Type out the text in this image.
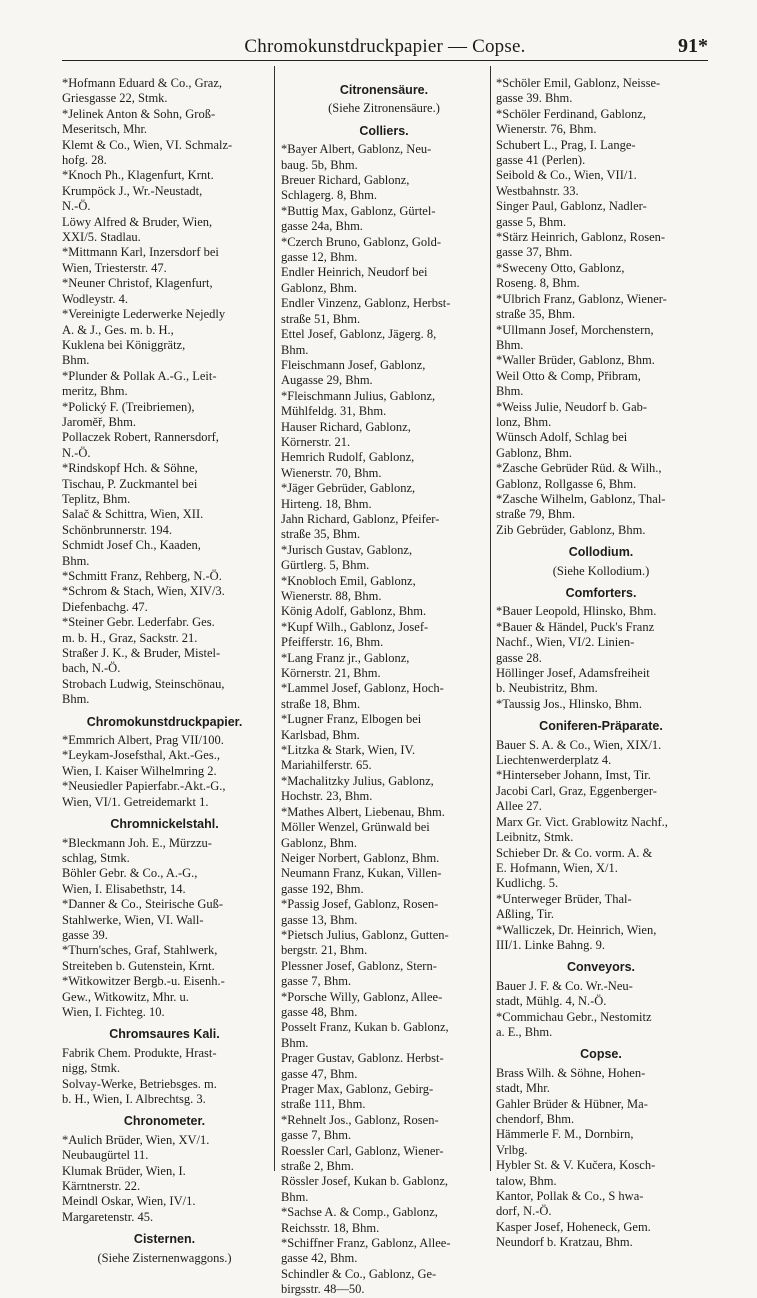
Chromokunstdruckpapier — Copse.	91*
*Hofmann Eduard & Co., Graz,
Griesgasse 22, Stmk.
*Jelinek Anton & Sohn, Groß-
Meseritsch, Mhr.
Klemt & Co., Wien, VI. Schmalz-
hofg. 28.
*Knoch Ph., Klagenfurt, Krnt.
Krumpöck J., Wr.-Neustadt,
N.-Ö.
Löwy Alfred & Bruder, Wien,
XXI/5. Stadlau.
*Mittmann Karl, Inzersdorf bei
Wien, Triesterstr. 47.
*Neuner Christof, Klagenfurt,
Wodleystr. 4.
*Vereinigte Lederwerke Nejedly
A. & J., Ges. m. b. H.,
Kuklena bei Königgrätz,
Bhm.
*Plunder & Pollak A.-G., Leit-
meritz, Bhm.
*Polický F. (Treibriemen),
Jaroměř, Bhm.
Pollaczek Robert, Rannersdorf,
N.-Ö.
*Rindskopf Hch. & Söhne,
Tischau, P. Zuckmantel bei
Teplitz, Bhm.
Salač & Schittra, Wien, XII.
Schönbrunnerstr. 194.
Schmidt Josef Ch., Kaaden,
Bhm.
*Schmitt Franz, Rehberg, N.-Ö.
*Schrom & Stach, Wien, XIV/3.
Diefenbachg. 47.
*Steiner Gebr. Lederfabr. Ges.
m. b. H., Graz, Sackstr. 21.
Straßer J. K., & Bruder, Mistel-
bach, N.-Ö.
Strobach Ludwig, Steinschönau,
Bhm.
Chromokunstdruckpapier.
*Emmrich Albert, Prag VII/100.
*Leykam-Josefsthal, Akt.-Ges.,
Wien, I. Kaiser Wilhelmring 2.
*Neusiedler Papierfabr.-Akt.-G.,
Wien, VI/1. Getreidemarkt 1.
Chromnickelstahl.
*Bleckmann Joh. E., Mürzzu-
schlag, Stmk.
Böhler Gebr. & Co., A.-G.,
Wien, I. Elisabethstr, 14.
*Danner & Co., Steirische Guß-
Stahlwerke, Wien, VI. Wall-
gasse 39.
*Thurn'sches, Graf, Stahlwerk,
Streiteben b. Gutenstein, Krnt.
*Witkowitzer Bergb.-u. Eisenh.-
Gew., Witkowitz, Mhr. u.
Wien, I. Fichteg. 10.
Chromsaures Kali.
Fabrik Chem. Produkte, Hrast-
nigg, Stmk.
Solvay-Werke, Betriebsges. m.
b. H., Wien, I. Albrechtsg. 3.
Chronometer.
*Aulich Brüder, Wien, XV/1.
Neubaugürtel 11.
Klumak Brüder, Wien, I.
Kärntnerstr. 22.
Meindl Oskar, Wien, IV/1.
Margaretenstr. 45.
Cisternen.
(Siehe Zisternenwaggons.)
Citronensäure.
(Siehe Zitronensäure.)
Colliers.
*Bayer Albert, Gablonz, Neu-
baug. 5b, Bhm.
Breuer Richard, Gablonz,
Schlagerg. 8, Bhm.
*Buttig Max, Gablonz, Gürtel-
gasse 24a, Bhm.
*Czerch Bruno, Gablonz, Gold-
gasse 12, Bhm.
Endler Heinrich, Neudorf bei
Gablonz, Bhm.
Endler Vinzenz, Gablonz, Herbst-
straße 51, Bhm.
Ettel Josef, Gablonz, Jägerg. 8,
Bhm.
Fleischmann Josef, Gablonz,
Augasse 29, Bhm.
*Fleischmann Julius, Gablonz,
Mühlfeldg. 31, Bhm.
Hauser Richard, Gablonz,
Körnerstr. 21.
Hemrich Rudolf, Gablonz,
Wienerstr. 70, Bhm.
*Jäger Gebrüder, Gablonz,
Hirteng. 18, Bhm.
Jahn Richard, Gablonz, Pfeifer-
straße 35, Bhm.
*Jurisch Gustav, Gablonz,
Gürtlerg. 5, Bhm.
*Knobloch Emil, Gablonz,
Wienerstr. 88, Bhm.
König Adolf, Gablonz, Bhm.
*Kupf Wilh., Gablonz, Josef-
Pfeifferstr. 16, Bhm.
*Lang Franz jr., Gablonz,
Körnerstr. 21, Bhm.
*Lammel Josef, Gablonz, Hoch-
straße 18, Bhm.
*Lugner Franz, Elbogen bei
Karlsbad, Bhm.
*Litzka & Stark, Wien, IV.
Mariahilferstr. 65.
*Machalitzky Julius, Gablonz,
Hochstr. 23, Bhm.
*Mathes Albert, Liebenau, Bhm.
Möller Wenzel, Grünwald bei
Gablonz, Bhm.
Neiger Norbert, Gablonz, Bhm.
Neumann Franz, Kukan, Villen-
gasse 192, Bhm.
*Passig Josef, Gablonz, Rosen-
gasse 13, Bhm.
*Pietsch Julius, Gablonz, Gutten-
bergstr. 21, Bhm.
Plessner Josef, Gablonz, Stern-
gasse 7, Bhm.
*Porsche Willy, Gablonz, Allee-
gasse 48, Bhm.
Posselt Franz, Kukan b. Gablonz,
Bhm.
Prager Gustav, Gablonz. Herbst-
gasse 47, Bhm.
Prager Max, Gablonz, Gebirg-
straße 111, Bhm.
*Rehnelt Jos., Gablonz, Rosen-
gasse 7, Bhm.
Roessler Carl, Gablonz, Wiener-
straße 2, Bhm.
Rössler Josef, Kukan b. Gablonz,
Bhm.
*Sachse A. & Comp., Gablonz,
Reichsstr. 18, Bhm.
*Schiffner Franz, Gablonz, Allee-
gasse 42, Bhm.
Schindler & Co., Gablonz, Ge-
birgsstr. 48—50.
*Schöler Emil, Gablonz, Neisse-
gasse 39. Bhm.
*Schöler Ferdinand, Gablonz,
Wienerstr. 76, Bhm.
Schubert L., Prag, I. Lange-
gasse 41 (Perlen).
Seibold & Co., Wien, VII/1.
Westbahnstr. 33.
Singer Paul, Gablonz, Nadler-
gasse 5, Bhm.
*Stärz Heinrich, Gablonz, Rosen-
gasse 37, Bhm.
*Sweceny Otto, Gablonz,
Roseng. 8, Bhm.
*Ulbrich Franz, Gablonz, Wiener-
straße 35, Bhm.
*Ullmann Josef, Morchenstern,
Bhm.
*Waller Brüder, Gablonz, Bhm.
Weil Otto & Comp, Přibram,
Bhm.
*Weiss Julie, Neudorf b. Gab-
lonz, Bhm.
Wünsch Adolf, Schlag bei
Gablonz, Bhm.
*Zasche Gebrüder Rüd. & Wilh.,
Gablonz, Rollgasse 6, Bhm.
*Zasche Wilhelm, Gablonz, Thal-
straße 79, Bhm.
Zib Gebrüder, Gablonz, Bhm.
Collodium.
(Siehe Kollodium.)
Comforters.
*Bauer Leopold, Hlinsko, Bhm.
*Bauer & Händel, Puck's Franz
Nachf., Wien, VI/2. Linien-
gasse 28.
Höllinger Josef, Adamsfreiheit
b. Neubistritz, Bhm.
*Taussig Jos., Hlinsko, Bhm.
Coniferen-Präparate.
Bauer S. A. & Co., Wien, XIX/1.
Liechtenwerderplatz 4.
*Hinterseber Johann, Imst, Tir.
Jacobi Carl, Graz, Eggenberger-
Allee 27.
Marx Gr. Vict. Grablowitz Nachf.,
Leibnitz, Stmk.
Schieber Dr. & Co. vorm. A. &
E. Hofmann, Wien, X/1.
Kudlichg. 5.
*Unterweger Brüder, Thal-
Aßling, Tir.
*Walliczek, Dr. Heinrich, Wien,
III/1. Linke Bahng. 9.
Conveyors.
Bauer J. F. & Co. Wr.-Neu-
stadt, Mühlg. 4, N.-Ö.
*Commichau Gebr., Nestomitz
a. E., Bhm.
Copse.
Brass Wilh. & Söhne, Hohen-
stadt, Mhr.
Gahler Brüder & Hübner, Ma-
chendorf, Bhm.
Hämmerle F. M., Dornbirn,
Vrlbg.
Hybler St. & V. Kučera, Kosch-
talow, Bhm.
Kantor, Pollak & Co., S hwa-
dorf, N.-Ö.
Kasper Josef, Hoheneck, Gem.
Neundorf b. Kratzau, Bhm.
